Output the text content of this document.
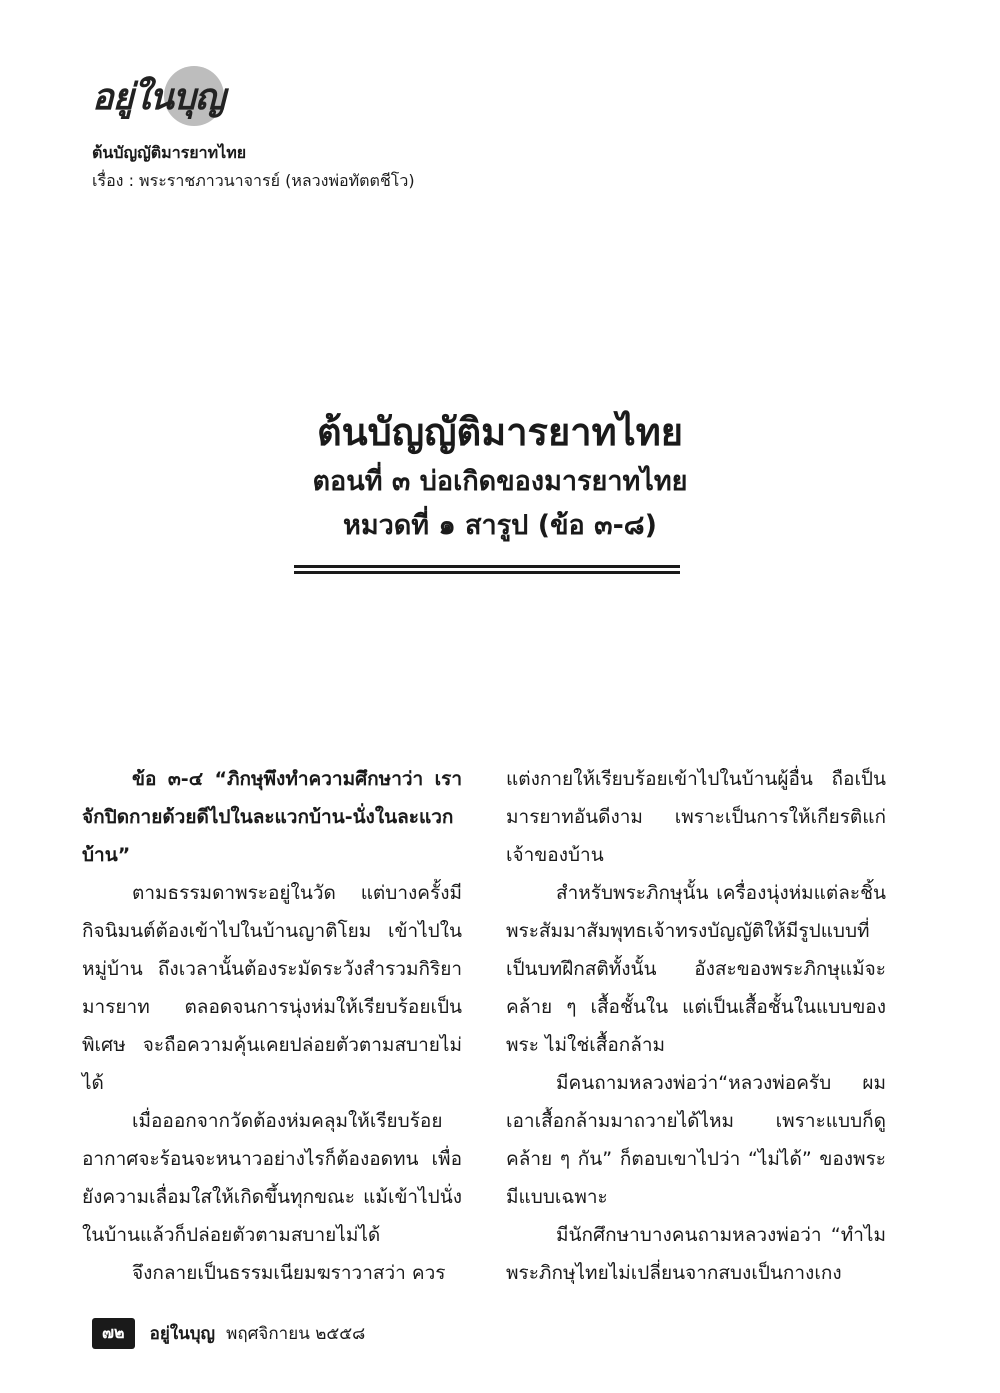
อยู่ในบุญ
ต้นบัญญัติมารยาทไทย
เรื่อง : พระราชภาวนาจารย์ (หลวงพ่อทัตตชีโว)
ต้นบัญญัติมารยาทไทย
ตอนที่ ๓ บ่อเกิดของมารยาทไทย
หมวดที่ ๑ สารูป (ข้อ ๓-๘)

ข้อ ๓-๔ “ภิกษุพึงทำความศึกษาว่า เราจักปิดกายด้วยดีไปในละแวกบ้าน-นั่งในละแวกบ้าน”

ตามธรรมดาพระอยู่ในวัด แต่บางครั้งมีกิจนิมนต์ต้องเข้าไปในบ้านญาติโยม เข้าไปในหมู่บ้าน ถึงเวลานั้นต้องระมัดระวังสำรวมกิริยามารยาท ตลอดจนการนุ่งห่มให้เรียบร้อยเป็นพิเศษ จะถือความคุ้นเคยปล่อยตัวตามสบายไม่ได้

เมื่อออกจากวัดต้องห่มคลุมให้เรียบร้อย อากาศจะร้อนจะหนาวอย่างไรก็ต้องอดทน เพื่อยังความเลื่อมใสให้เกิดขึ้นทุกขณะ แม้เข้าไปนั่งในบ้านแล้วก็ปล่อยตัวตามสบายไม่ได้

จึงกลายเป็นธรรมเนียมฆราวาสว่า ควร

แต่งกายให้เรียบร้อยเข้าไปในบ้านผู้อื่น ถือเป็นมารยาทอันดีงาม เพราะเป็นการให้เกียรติแก่เจ้าของบ้าน

สำหรับพระภิกษุนั้น เครื่องนุ่งห่มแต่ละชิ้นพระสัมมาสัมพุทธเจ้าทรงบัญญัติให้มีรูปแบบที่เป็นบทฝึกสติทั้งนั้น อังสะของพระภิกษุแม้จะคล้าย ๆ เสื้อชั้นใน แต่เป็นเสื้อชั้นในแบบของพระ ไม่ใช่เสื้อกล้าม

มีคนถามหลวงพ่อว่า“หลวงพ่อครับ ผมเอาเสื้อกล้ามมาถวายได้ไหม เพราะแบบก็ดูคล้าย ๆ กัน” ก็ตอบเขาไปว่า “ไม่ได้” ของพระมีแบบเฉพาะ

มีนักศึกษาบางคนถามหลวงพ่อว่า “ทำไมพระภิกษุไทยไม่เปลี่ยนจากสบงเป็นกางเกง

๗๒ อยู่ในบุญ พฤศจิกายน ๒๕๕๘
